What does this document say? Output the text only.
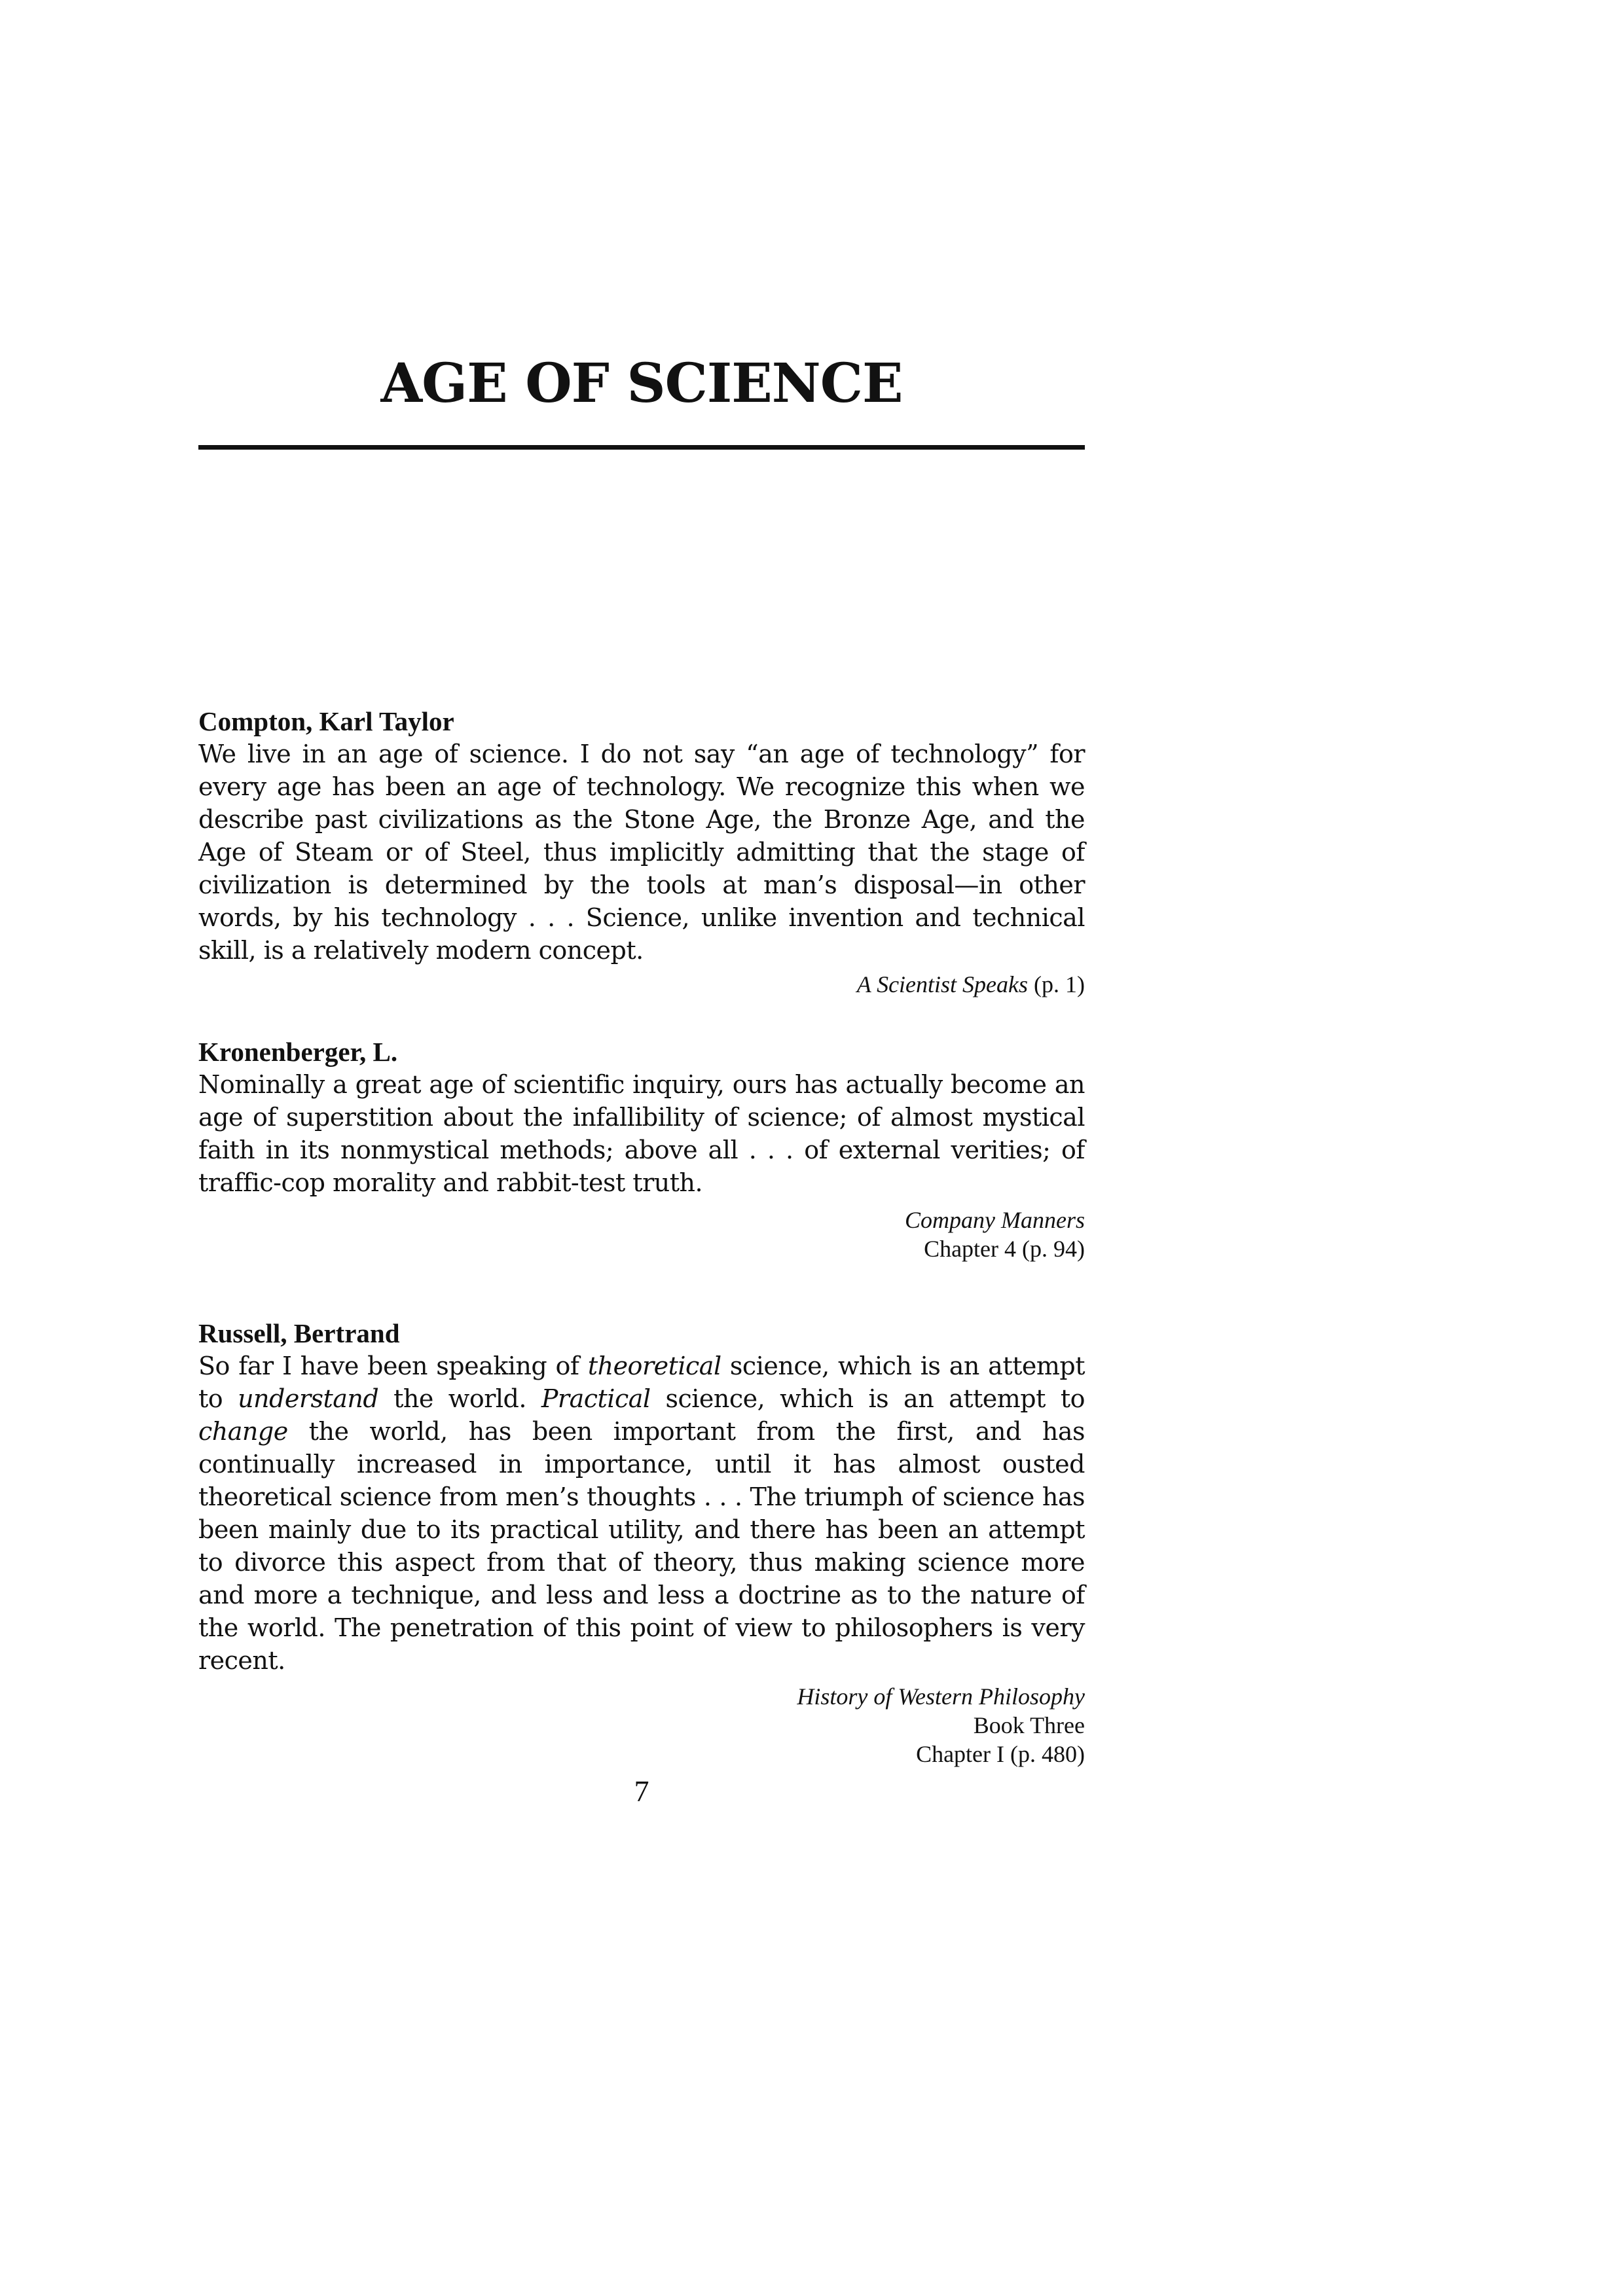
AGE OF SCIENCE

Compton, Karl Taylor

We live in an age of science. I do not say “an age of technology” for every age has been an age of technology. We recognize this when we describe past civilizations as the Stone Age, the Bronze Age, and the Age of Steam or of Steel, thus implicitly admitting that the stage of civilization is determined by the tools at man’s disposal—in other words, by his technology . . . Science, unlike invention and technical skill, is a relatively modern concept.

A Scientist Speaks (p. 1)

Kronenberger, L.

Nominally a great age of scientific inquiry, ours has actually become an age of superstition about the infallibility of science; of almost mystical faith in its nonmystical methods; above all . . . of external verities; of traffic-cop morality and rabbit-test truth.

Company Manners
Chapter 4 (p. 94)

Russell, Bertrand

So far I have been speaking of theoretical science, which is an attempt to understand the world. Practical science, which is an attempt to change the world, has been important from the first, and has continually increased in importance, until it has almost ousted theoretical science from men’s thoughts . . . The triumph of science has been mainly due to its practical utility, and there has been an attempt to divorce this aspect from that of theory, thus making science more and more a technique, and less and less a doctrine as to the nature of the world. The penetration of this point of view to philosophers is very recent.

History of Western Philosophy
Book Three
Chapter I (p. 480)

7
